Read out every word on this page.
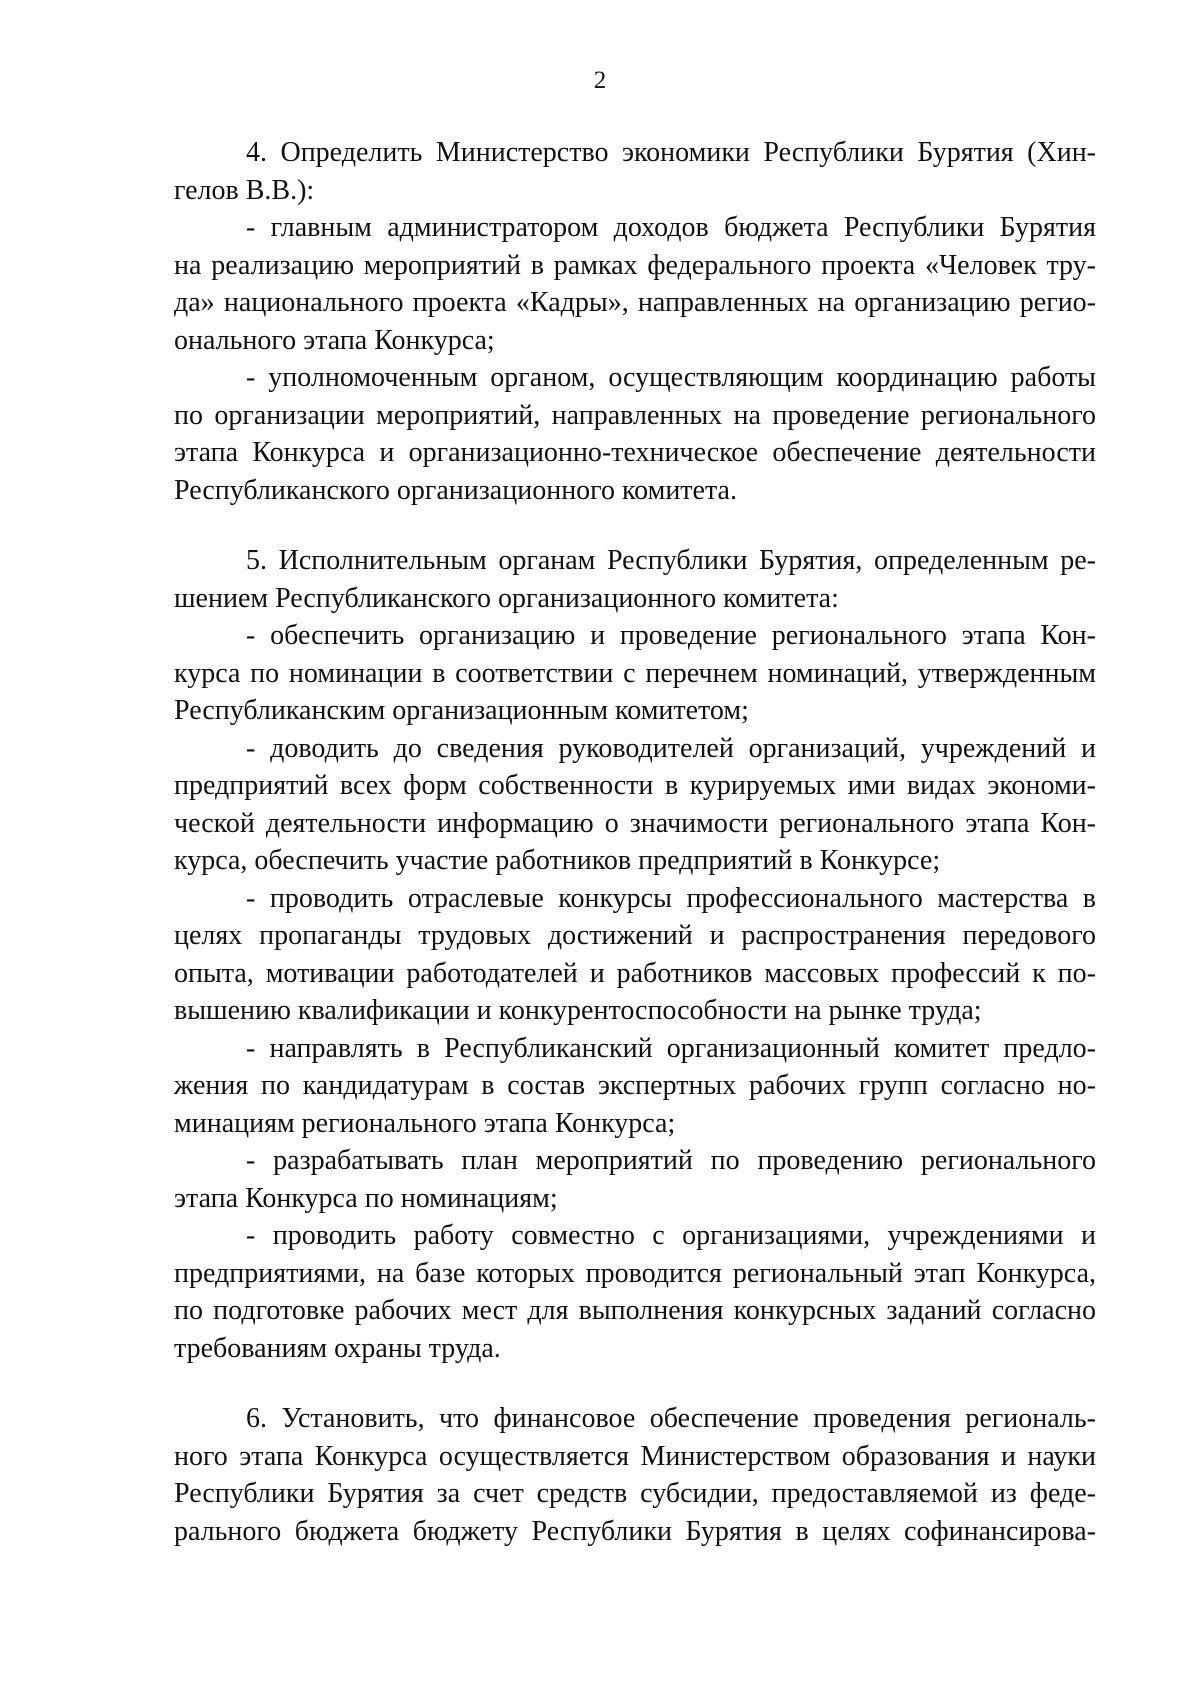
2
4. Определить Министерство экономики Республики Бурятия (Хин-
гелов В.В.):
- главным администратором доходов бюджета Республики Бурятия
на реализацию мероприятий в рамках федерального проекта «Человек тру-
да» национального проекта «Кадры», направленных на организацию регио-
онального этапа Конкурса;
- уполномоченным органом, осуществляющим координацию работы
по организации мероприятий, направленных на проведение регионального
этапа Конкурса и организационно-техническое обеспечение деятельности
Республиканского организационного комитета.
5. Исполнительным органам Республики Бурятия, определенным ре-
шением Республиканского организационного комитета:
- обеспечить организацию и проведение регионального этапа Кон-
курса по номинации в соответствии с перечнем номинаций, утвержденным
Республиканским организационным комитетом;
- доводить до сведения руководителей организаций, учреждений и
предприятий всех форм собственности в курируемых ими видах экономи-
ческой деятельности информацию о значимости регионального этапа Кон-
курса, обеспечить участие работников предприятий в Конкурсе;
- проводить отраслевые конкурсы профессионального мастерства в
целях пропаганды трудовых достижений и распространения передового
опыта, мотивации работодателей и работников массовых профессий к по-
вышению квалификации и конкурентоспособности на рынке труда;
- направлять в Республиканский организационный комитет предло-
жения по кандидатурам в состав экспертных рабочих групп согласно но-
минациям регионального этапа Конкурса;
- разрабатывать план мероприятий по проведению регионального
этапа Конкурса по номинациям;
- проводить работу совместно с организациями, учреждениями и
предприятиями, на базе которых проводится региональный этап Конкурса,
по подготовке рабочих мест для выполнения конкурсных заданий согласно
требованиям охраны труда.
6. Установить, что финансовое обеспечение проведения региональ-
ного этапа Конкурса осуществляется Министерством образования и науки
Республики Бурятия за счет средств субсидии, предоставляемой из феде-
рального бюджета бюджету Республики Бурятия в целях софинансирова-
